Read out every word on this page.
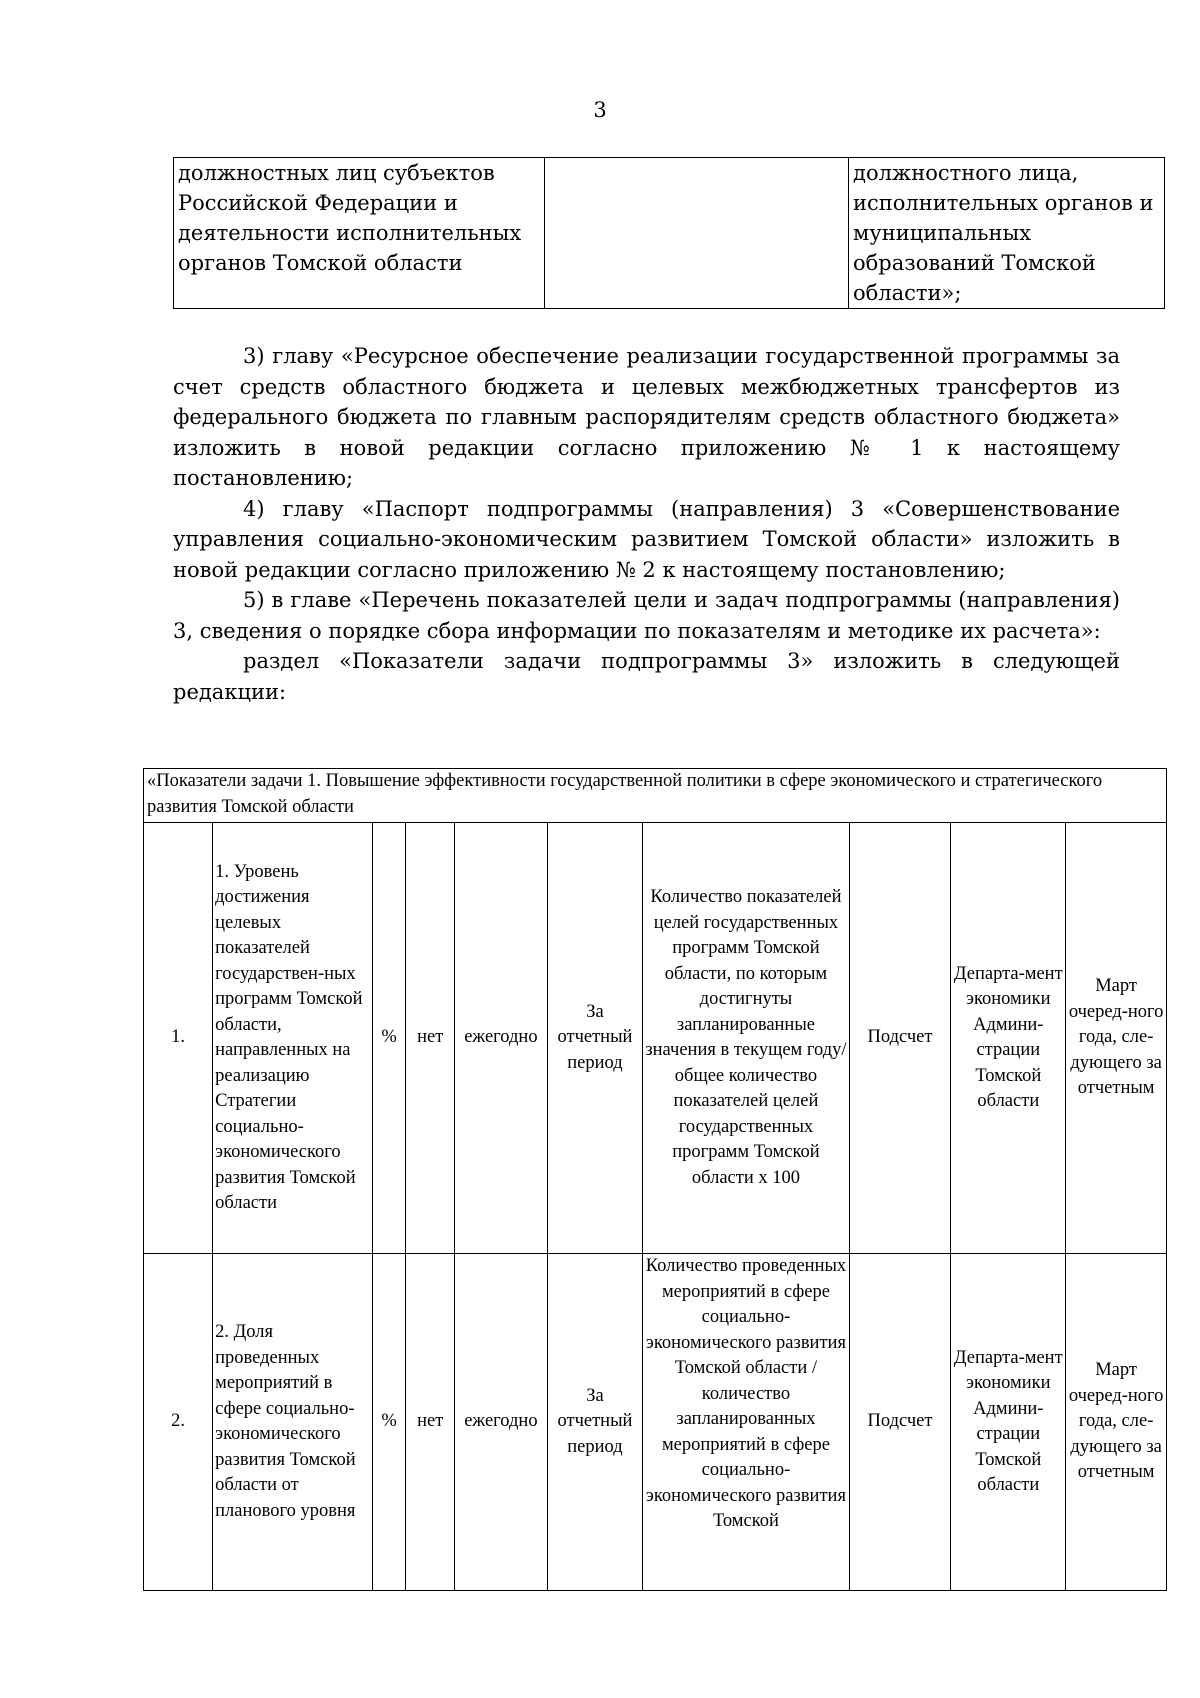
3
должностных лиц субъектов Российской Федерации и деятельности исполнительных органов Томской области		должностного лица, исполнительных органов и муниципальных образований Томской области»;

3) главу «Ресурсное обеспечение реализации государственной программы за счет средств областного бюджета и целевых межбюджетных трансфертов из федерального бюджета по главным распорядителям средств областного бюджета» изложить в новой редакции согласно приложению № 1 к настоящему постановлению;

4) главу «Паспорт подпрограммы (направления) 3 «Совершенствование управления социально-экономическим развитием Томской области» изложить в новой редакции согласно приложению № 2 к настоящему постановлению;

5) в главе «Перечень показателей цели и задач подпрограммы (направления) 3, сведения о порядке сбора информации по показателям и методике их расчета»:

раздел «Показатели задачи подпрограммы 3» изложить в следующей редакции:

«Показатели задачи 1. Повышение эффективности государственной политики в сфере экономического и стратегического развития Томской области									
1.	1. Уровень достижения целевых показателей государствен-ных программ Томской области, направленных на реализацию Стратегии социально-экономического развития Томской области	%	нет	ежегодно	За отчетный период	Количество показателей целей государственных программ Томской области, по которым достигнуты запланированные значения в текущем году/ общее количество показателей целей государственных программ Томской области х 100	Подсчет	Департа-мент экономики Админи-страции Томской области	Март очеред-ного года, сле-дующего за отчетным
2.	2. Доля проведенных мероприятий в сфере социально-экономического развития Томской области от планового уровня	%	нет	ежегодно	За отчетный период	Количество проведенных мероприятий в сфере социально-экономического развития Томской области / количество запланированных мероприятий в сфере социально-экономического развития Томской	Подсчет	Департа-мент экономики Админи-страции Томской области	Март очеред-ного года, сле-дующего за отчетным
